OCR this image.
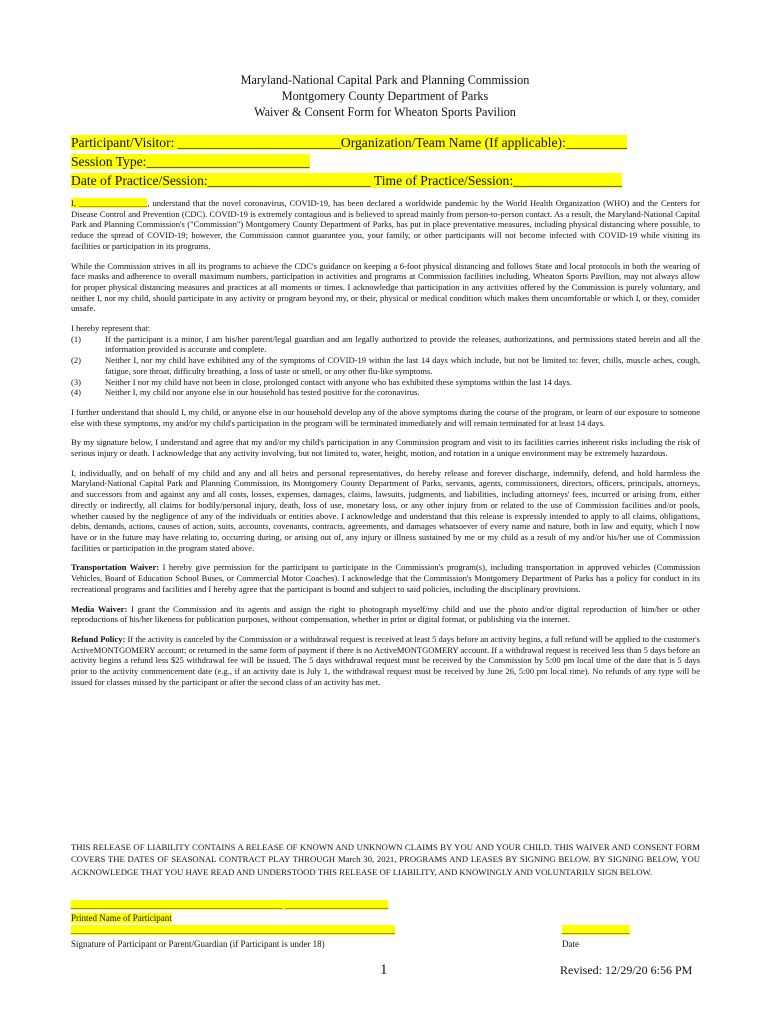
Maryland-National Capital Park and Planning Commission
Montgomery County Department of Parks
Waiver & Consent Form for Wheaton Sports Pavilion
Participant/Visitor: ________________________Organization/Team Name (If applicable):_________
Session Type:________________________
Date of Practice/Session:________________________ Time of Practice/Session:________________

I, ________________, understand that the novel coronavirus, COVID-19, has been declared a worldwide pandemic by the World Health Organization (WHO) and the Centers for Disease Control and Prevention (CDC). COVID-19 is extremely contagious and is believed to spread mainly from person-to-person contact. As a result, the Maryland-National Capital Park and Planning Commission's ("Commission") Montgomery County Department of Parks, has put in place preventative measures, including physical distancing where possible, to reduce the spread of COVID-19; however, the Commission cannot guarantee you, your family, or other participants will not become infected with COVID-19 while visiting its facilities or participation in its programs.

While the Commission strives in all its programs to achieve the CDC's guidance on keeping a 6-foot physical distancing and follows State and local protocols in both the wearing of face masks and adherence to overall maximum numbers, participation in activities and programs at Commission facilities including, Wheaton Sports Pavilion, may not always allow for proper physical distancing measures and practices at all moments or times. I acknowledge that participation in any activities offered by the Commission is purely voluntary, and neither I, nor my child, should participate in any activity or program beyond my, or their, physical or medical condition which makes them uncomfortable or which I, or they, consider unsafe.

I hereby represent that:

(1)	If the participant is a minor, I am his/her parent/legal guardian and am legally authorized to provide the releases, authorizations, and permissions stated herein and all the information provided is accurate and complete.
(2)	Neither I, nor my child have exhibited any of the symptoms of COVID-19 within the last 14 days which include, but not be limited to: fever, chills, muscle aches, cough, fatigue, sore throat, difficulty breathing, a loss of taste or smell, or any other flu-like symptoms.
(3)	Neither I nor my child have not been in close, prolonged contact with anyone who has exhibited these symptoms within the last 14 days.
(4)	Neither I, my child nor anyone else in our household has tested positive for the coronavirus.

I further understand that should I, my child, or anyone else in our household develop any of the above symptoms during the course of the program, or learn of our exposure to someone else with these symptoms, my and/or my child's participation in the program will be terminated immediately and will remain terminated for at least 14 days.

By my signature below, I understand and agree that my and/or my child's participation in any Commission program and visit to its facilities carries inherent risks including the risk of serious injury or death. I acknowledge that any activity involving, but not limited to, water, height, motion, and rotation in a unique environment may be extremely hazardous.

I, individually, and on behalf of my child and any and all heirs and personal representatives, do hereby release and forever discharge, indemnify, defend, and hold harmless the Maryland-National Capital Park and Planning Commission, its Montgomery County Department of Parks, servants, agents, commissioners, directors, officers, principals, attorneys, and successors from and against any and all costs, losses, expenses, damages, claims, lawsuits, judgments, and liabilities, including attorneys' fees, incurred or arising from, either directly or indirectly, all claims for bodily/personal injury, death, loss of use, monetary loss, or any other injury from or related to the use of Commission facilities and/or pools, whether caused by the negligence of any of the individuals or entities above. I acknowledge and understand that this release is expressly intended to apply to all claims, obligations, debts, demands, actions, causes of action, suits, accounts, covenants, contracts, agreements, and damages whatsoever of every name and nature, both in law and equity, which I now have or in the future may have relating to, occurring during, or arising out of, any injury or illness sustained by me or my child as a result of my and/or his/her use of Commission facilities or participation in the program stated above.

Transportation Waiver: I hereby give permission for the participant to participate in the Commission's program(s), including transportation in approved vehicles (Commission Vehicles, Board of Education School Buses, or Commercial Motor Coaches). I acknowledge that the Commission's Montgomery Department of Parks has a policy for conduct in its recreational programs and facilities and I hereby agree that the participant is bound and subject to said policies, including the disciplinary provisions.

Media Waiver: I grant the Commission and its agents and assign the right to photograph myself/my child and use the photo and/or digital reproduction of him/her or other reproductions of his/her likeness for publication purposes, without compensation, whether in print or digital format, or publishing via the internet.

Refund Policy: If the activity is canceled by the Commission or a withdrawal request is received at least 5 days before an activity begins, a full refund will be applied to the customer's ActiveMONTGOMERY account; or returned in the same form of payment if there is no ActiveMONTGOMERY account. If a withdrawal request is received less than 5 days before an activity begins a refund less $25 withdrawal fee will be issued. The 5 days withdrawal request must be received by the Commission by 5:00 pm local time of the date that is 5 days prior to the activity commencement date (e.g., if an activity date is July 1, the withdrawal request must be received by June 26, 5:00 pm local time). No refunds of any type will be issued for classes missed by the participant or after the second class of an activity has met.

THIS RELEASE OF LIABILITY CONTAINS A RELEASE OF KNOWN AND UNKNOWN CLAIMS BY YOU AND YOUR CHILD. THIS WAIVER AND CONSENT FORM COVERS THE DATES OF SEASONAL CONTRACT PLAY THROUGH March 30, 2021, PROGRAMS AND LEASES BY SIGNING BELOW. BY SIGNING BELOW, YOU ACKNOWLEDGE THAT YOU HAVE READ AND UNDERSTOOD THIS RELEASE OF LIABILITY, AND KNOWINGLY AND VOLUNTARILY SIGN BELOW.
_______________________________________________ _______________________
Printed Name of Participant
________________________________________________________________________	_______________
Signature of Participant or Parent/Guardian (if Participant is under 18)	Date
1	Revised: 12/29/20 6:56 PM
